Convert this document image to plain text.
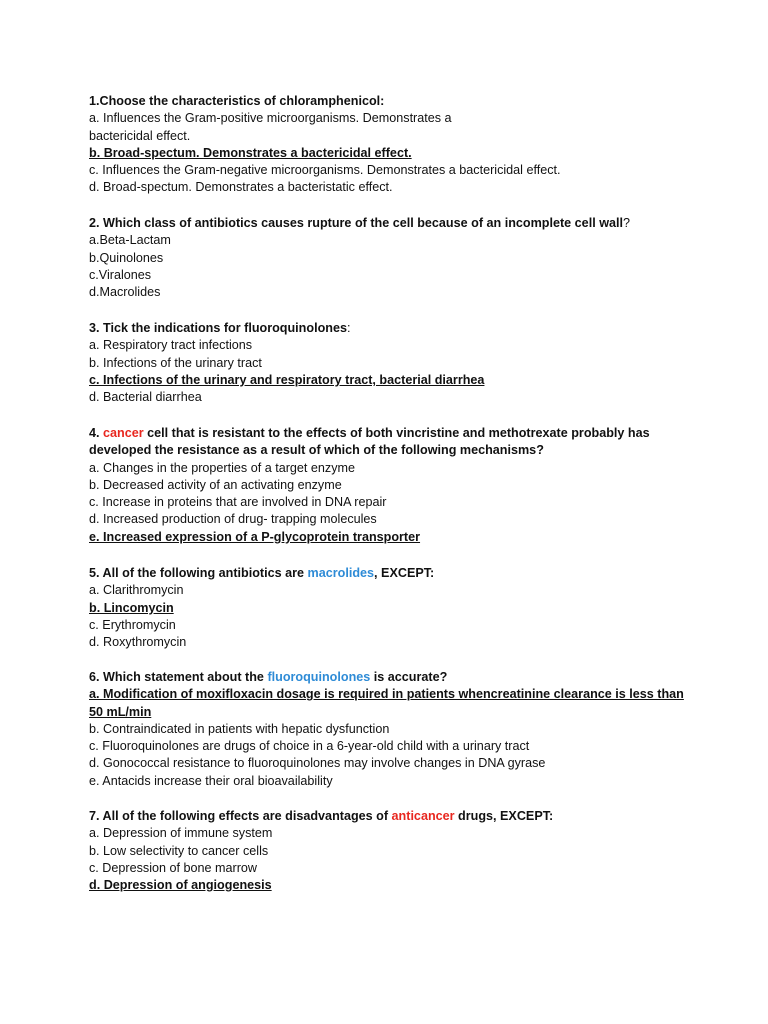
1.Choose the characteristics of chloramphenicol:
a. Influences the Gram-positive microorganisms. Demonstrates a
bactericidal effect.
b. Broad-spectum. Demonstrates a bactericidal effect.
c. Influences the Gram-negative microorganisms. Demonstrates a bactericidal effect.
d. Broad-spectum. Demonstrates a bacteristatic effect.
2. Which class of antibiotics causes rupture of the cell because of an incomplete cell wall?
a.Beta-Lactam
b.Quinolones
c.Viralones
d.Macrolides
3. Tick the indications for fluoroquinolones:
a. Respiratory tract infections
b. Infections of the urinary tract
c. Infections of the urinary and respiratory tract, bacterial diarrhea
d. Bacterial diarrhea
4. cancer cell that is resistant to the effects of both vincristine and methotrexate probably has
developed the resistance as a result of which of the following mechanisms?
a. Changes in the properties of a target enzyme
b. Decreased activity of an activating enzyme
c. Increase in proteins that are involved in DNA repair
d. Increased production of drug- trapping molecules
e. Increased expression of a P-glycoprotein transporter
5. All of the following antibiotics are macrolides, EXCEPT:
a. Clarithromycin
b. Lincomycin
c. Erythromycin
d. Roxythromycin
6. Which statement about the fluoroquinolones is accurate?
a. Modification of moxifloxacin dosage is required in patients whencreatinine clearance is less than 50 mL/min
b. Contraindicated in patients with hepatic dysfunction
c. Fluoroquinolones are drugs of choice in a 6-year-old child with a urinary tract
d. Gonococcal resistance to fluoroquinolones may involve changes in DNA gyrase
e. Antacids increase their oral bioavailability
7. All of the following effects are disadvantages of anticancer drugs, EXCEPT:
a. Depression of immune system
b. Low selectivity to cancer cells
c. Depression of bone marrow
d. Depression of angiogenesis
